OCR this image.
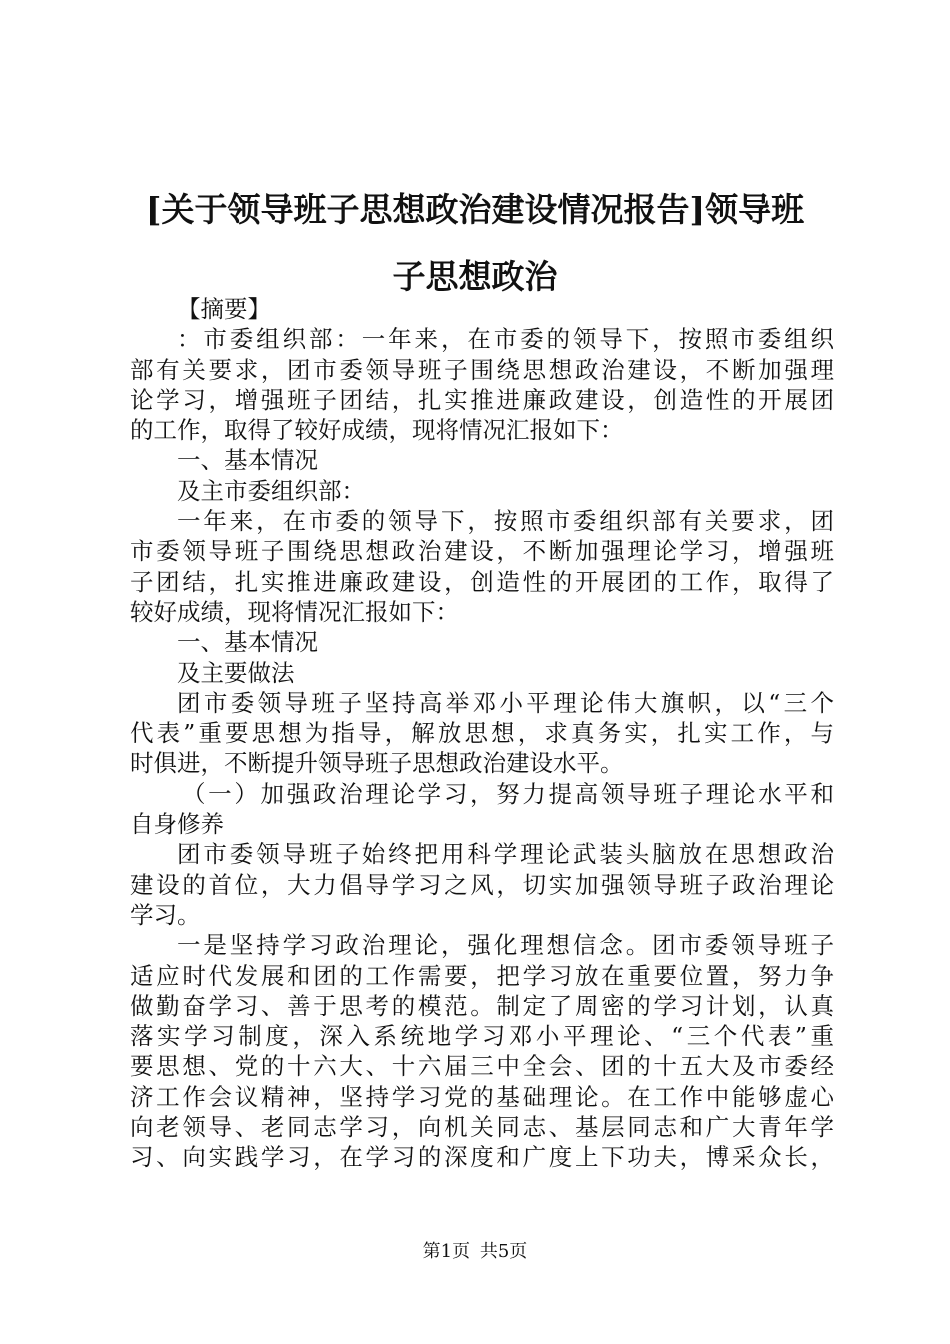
[关于领导班子思想政治建设情况报告]领导班
子思想政治
【摘要】
：市委组织部：一年来，在市委的领导下，按照市委组织
部有关要求，团市委领导班子围绕思想政治建设，不断加强理
论学习，增强班子团结，扎实推进廉政建设，创造性的开展团
的工作，取得了较好成绩，现将情况汇报如下：
一、基本情况
及主市委组织部：
一年来，在市委的领导下，按照市委组织部有关要求，团
市委领导班子围绕思想政治建设，不断加强理论学习，增强班
子团结，扎实推进廉政建设，创造性的开展团的工作，取得了
较好成绩，现将情况汇报如下：
一、基本情况
及主要做法
团市委领导班子坚持高举邓小平理论伟大旗帜，以“三个
代表”重要思想为指导，解放思想，求真务实，扎实工作，与
时俱进，不断提升领导班子思想政治建设水平。
（一）加强政治理论学习，努力提高领导班子理论水平和
自身修养
团市委领导班子始终把用科学理论武装头脑放在思想政治
建设的首位，大力倡导学习之风，切实加强领导班子政治理论
学习。
一是坚持学习政治理论，强化理想信念。团市委领导班子
适应时代发展和团的工作需要，把学习放在重要位置，努力争
做勤奋学习、善于思考的模范。制定了周密的学习计划，认真
落实学习制度，深入系统地学习邓小平理论、“三个代表”重
要思想、党的十六大、十六届三中全会、团的十五大及市委经
济工作会议精神，坚持学习党的基础理论。在工作中能够虚心
向老领导、老同志学习，向机关同志、基层同志和广大青年学
习、向实践学习，在学习的深度和广度上下功夫，博采众长，
第1页 共5页
